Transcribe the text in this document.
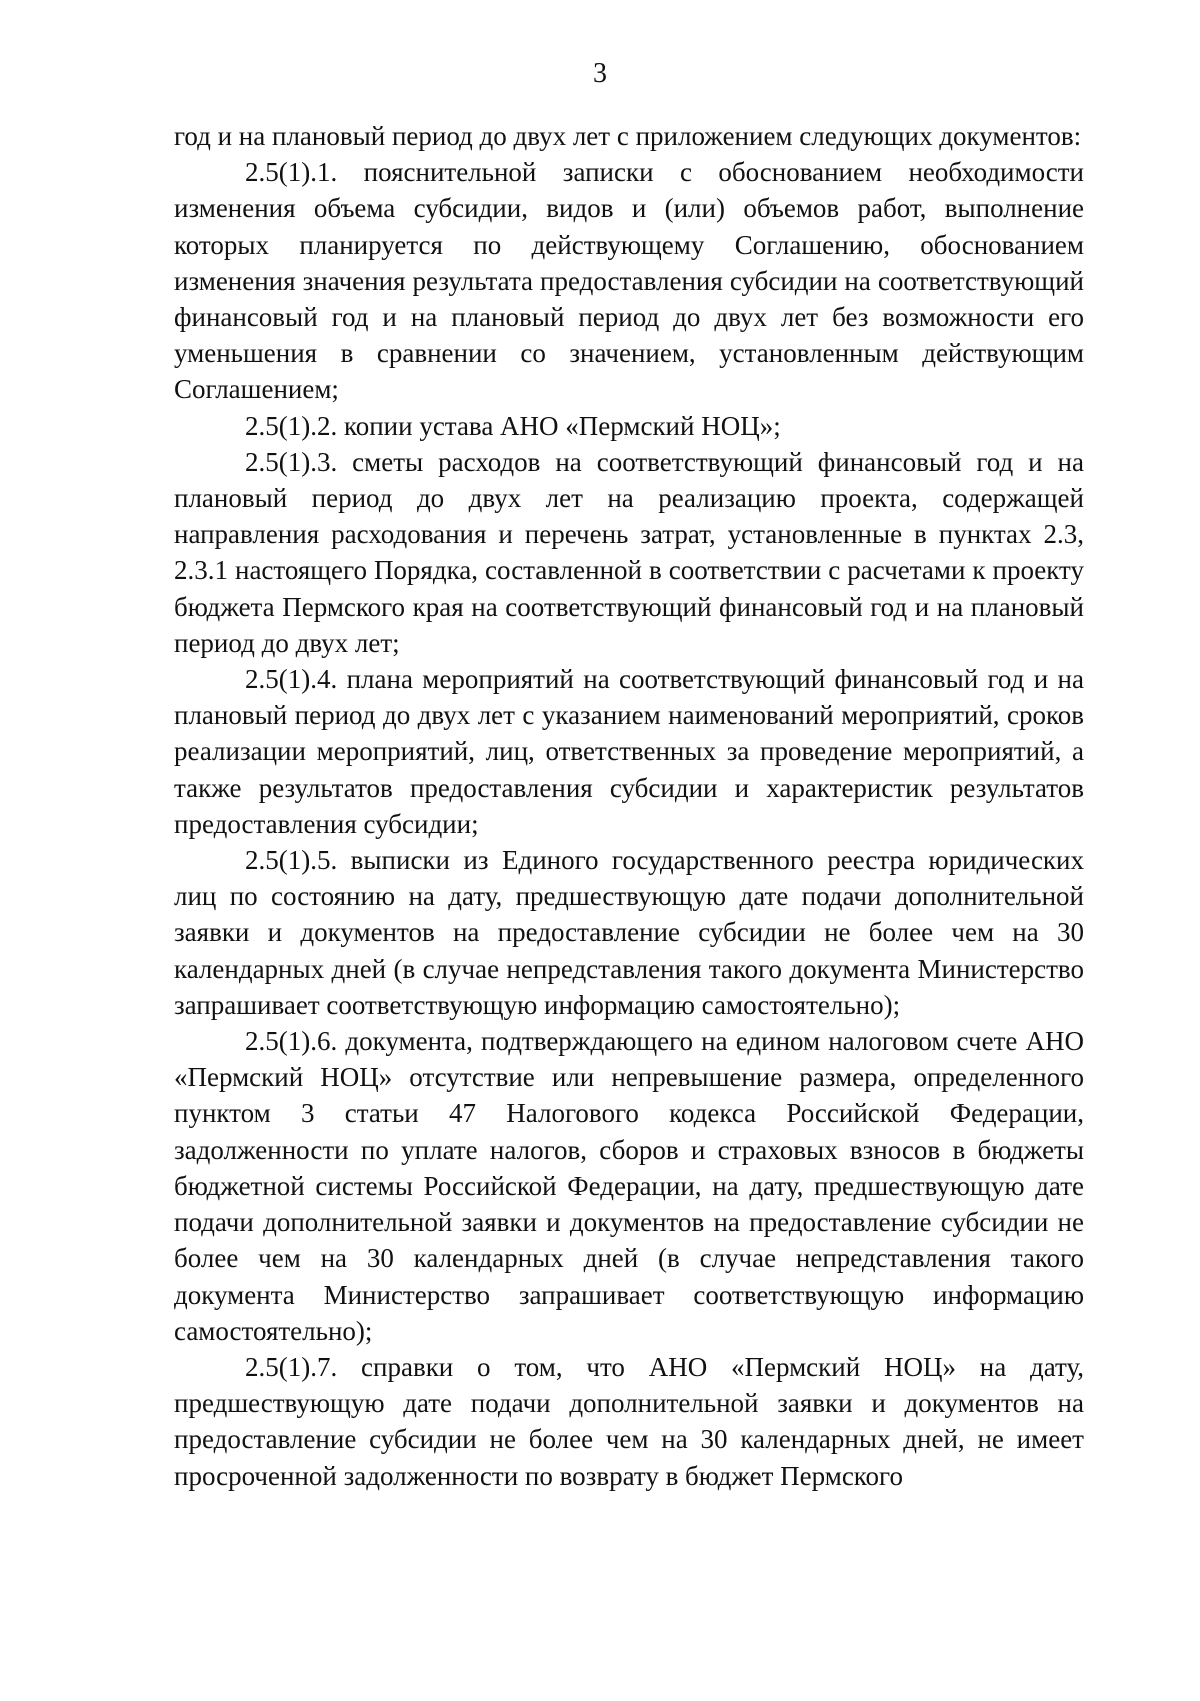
3

год и на плановый период до двух лет с приложением следующих документов:

2.5(1).1. пояснительной записки с обоснованием необходимости изменения объема субсидии, видов и (или) объемов работ, выполнение которых планируется по действующему Соглашению, обоснованием изменения значения результата предоставления субсидии на соответствующий финансовый год и на плановый период до двух лет без возможности его уменьшения в сравнении со значением, установленным действующим Соглашением;

2.5(1).2. копии устава АНО «Пермский НОЦ»;

2.5(1).3. сметы расходов на соответствующий финансовый год и на плановый период до двух лет на реализацию проекта, содержащей направления расходования и перечень затрат, установленные в пунктах 2.3, 2.3.1 настоящего Порядка, составленной в соответствии с расчетами к проекту бюджета Пермского края на соответствующий финансовый год и на плановый период до двух лет;

2.5(1).4. плана мероприятий на соответствующий финансовый год и на плановый период до двух лет с указанием наименований мероприятий, сроков реализации мероприятий, лиц, ответственных за проведение мероприятий, а также результатов предоставления субсидии и характеристик результатов предоставления субсидии;

2.5(1).5. выписки из Единого государственного реестра юридических лиц по состоянию на дату, предшествующую дате подачи дополнительной заявки и документов на предоставление субсидии не более чем на 30 календарных дней (в случае непредставления такого документа Министерство запрашивает соответствующую информацию самостоятельно);

2.5(1).6. документа, подтверждающего на едином налоговом счете АНО «Пермский НОЦ» отсутствие или непревышение размера, определенного пунктом 3 статьи 47 Налогового кодекса Российской Федерации, задолженности по уплате налогов, сборов и страховых взносов в бюджеты бюджетной системы Российской Федерации, на дату, предшествующую дате подачи дополнительной заявки и документов на предоставление субсидии не более чем на 30 календарных дней (в случае непредставления такого документа Министерство запрашивает соответствующую информацию самостоятельно);

2.5(1).7. справки о том, что АНО «Пермский НОЦ» на дату, предшествующую дате подачи дополнительной заявки и документов на предоставление субсидии не более чем на 30 календарных дней, не имеет просроченной задолженности по возврату в бюджет Пермского
